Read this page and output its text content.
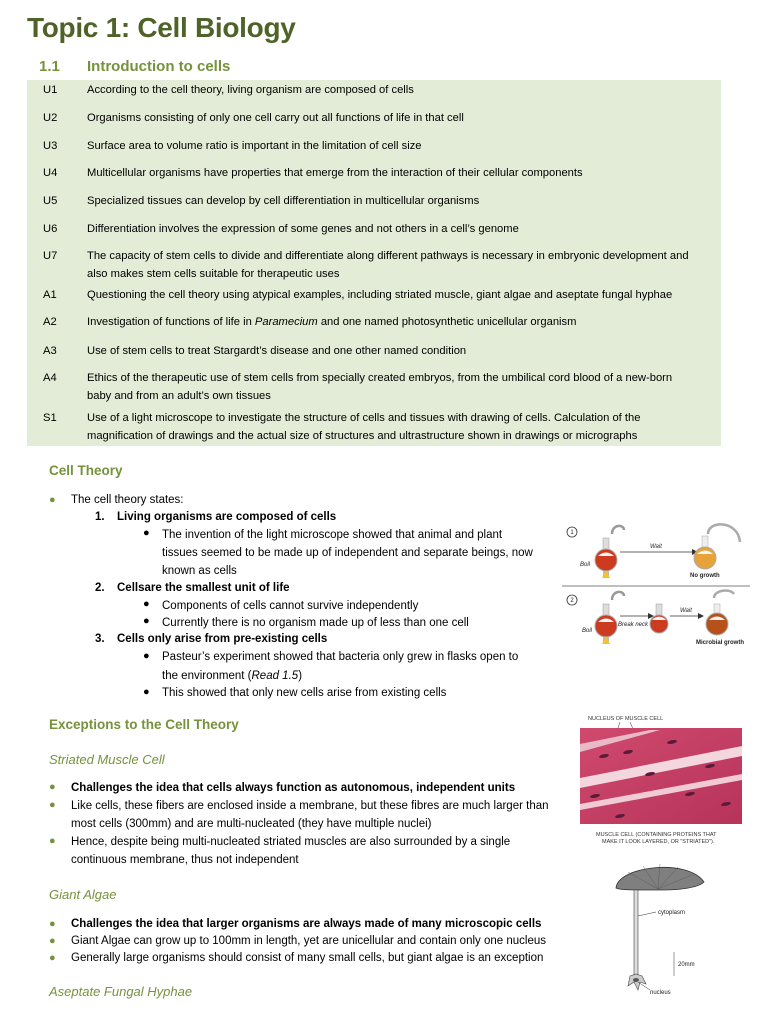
Topic 1: Cell Biology
1.1 Introduction to cells
U1	According to the cell theory, living organism are composed of cells
U2	Organisms consisting of only one cell carry out all functions of life in that cell
U3	Surface area to volume ratio is important in the limitation of cell size
U4	Multicellular organisms have properties that emerge from the interaction of their cellular components
U5	Specialized tissues can develop by cell differentiation in multicellular organisms
U6	Differentiation involves the expression of some genes and not others in a cell’s genome
U7	The capacity of stem cells to divide and differentiate along different pathways is necessary in embryonic development and
also makes stem cells suitable for therapeutic uses
A1	Questioning the cell theory using atypical examples, including striated muscle, giant algae and aseptate fungal hyphae
A2	Investigation of functions of life in Paramecium and one named photosynthetic unicellular organism
A3	Use of stem cells to treat Stargardt’s disease and one other named condition
A4	Ethics of the therapeutic use of stem cells from specially created embryos, from the umbilical cord blood of a new-born
baby and from an adult’s own tissues
S1	Use of a light microscope to investigate the structure of cells and tissues with drawing of cells. Calculation of the
magnification of drawings and the actual size of structures and ultrastructure shown in drawings or micrographs
Cell Theory
● The cell theory states:
1. Living organisms are composed of cells
● The invention of the light microscope showed that animal and plant
tissues seemed to be made up of independent and separate beings, now
known as cells
2. Cellsare the smallest unit of life
● Components of cells cannot survive independently
● Currently there is no organism made up of less than one cell
3. Cells only arise from pre-existing cells
● Pasteur’s experiment showed that bacteria only grew in flasks open to
the environment (Read 1.5)
● This showed that only new cells arise from existing cells
1
Boil
Wait
No growth
2
Boil
Break neck
Wait
Microbial growth
Exceptions to the Cell Theory
Striated Muscle Cell
● Challenges the idea that cells always function as autonomous, independent units
● Like cells, these fibers are enclosed inside a membrane, but these fibres are much larger than
most cells (300mm) and are multi-nucleated (they have multiple nuclei)
● Hence, despite being multi-nucleated striated muscles are also surrounded by a single
continuous membrane, thus not independent
NUCLEUS OF MUSCLE CELL
MUSCLE CELL (CONTAINING PROTEINS THAT
MAKE IT LOOK LAYERED, OR "STRIATED").
Giant Algae
● Challenges the idea that larger organisms are always made of many microscopic cells
● Giant Algae can grow up to 100mm in length, yet are unicellular and contain only one nucleus
● Generally large organisms should consist of many small cells, but giant algae is an exception
cytoplasm
20mm
nucleus
Aseptate Fungal Hyphae
